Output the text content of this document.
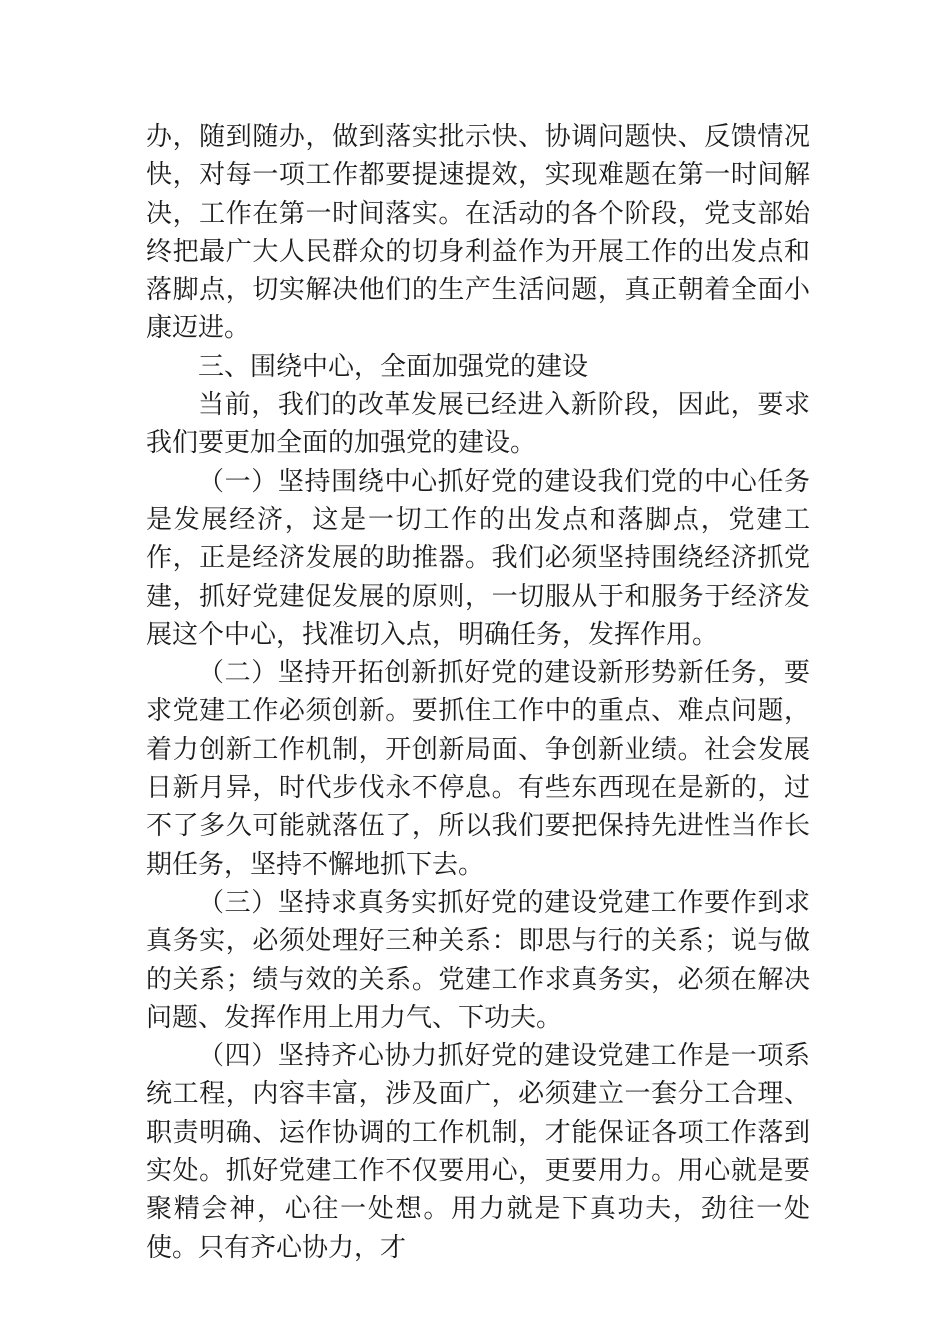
办，随到随办，做到落实批示快、协调问题快、反馈情况快，对每一项工作都要提速提效，实现难题在第一时间解决，工作在第一时间落实。在活动的各个阶段，党支部始终把最广大人民群众的切身利益作为开展工作的出发点和落脚点，切实解决他们的生产生活问题，真正朝着全面小康迈进。

三、围绕中心，全面加强党的建设

当前，我们的改革发展已经进入新阶段，因此，要求我们要更加全面的加强党的建设。

（一）坚持围绕中心抓好党的建设我们党的中心任务是发展经济，这是一切工作的出发点和落脚点，党建工作，正是经济发展的助推器。我们必须坚持围绕经济抓党建，抓好党建促发展的原则，一切服从于和服务于经济发展这个中心，找准切入点，明确任务，发挥作用。

（二）坚持开拓创新抓好党的建设新形势新任务，要求党建工作必须创新。要抓住工作中的重点、难点问题，着力创新工作机制，开创新局面、争创新业绩。社会发展日新月异，时代步伐永不停息。有些东西现在是新的，过不了多久可能就落伍了，所以我们要把保持先进性当作长期任务，坚持不懈地抓下去。

（三）坚持求真务实抓好党的建设党建工作要作到求真务实，必须处理好三种关系：即思与行的关系；说与做的关系；绩与效的关系。党建工作求真务实，必须在解决问题、发挥作用上用力气、下功夫。

（四）坚持齐心协力抓好党的建设党建工作是一项系统工程，内容丰富，涉及面广，必须建立一套分工合理、职责明确、运作协调的工作机制，才能保证各项工作落到实处。抓好党建工作不仅要用心，更要用力。用心就是要聚精会神，心往一处想。用力就是下真功夫，劲往一处使。只有齐心协力，才
